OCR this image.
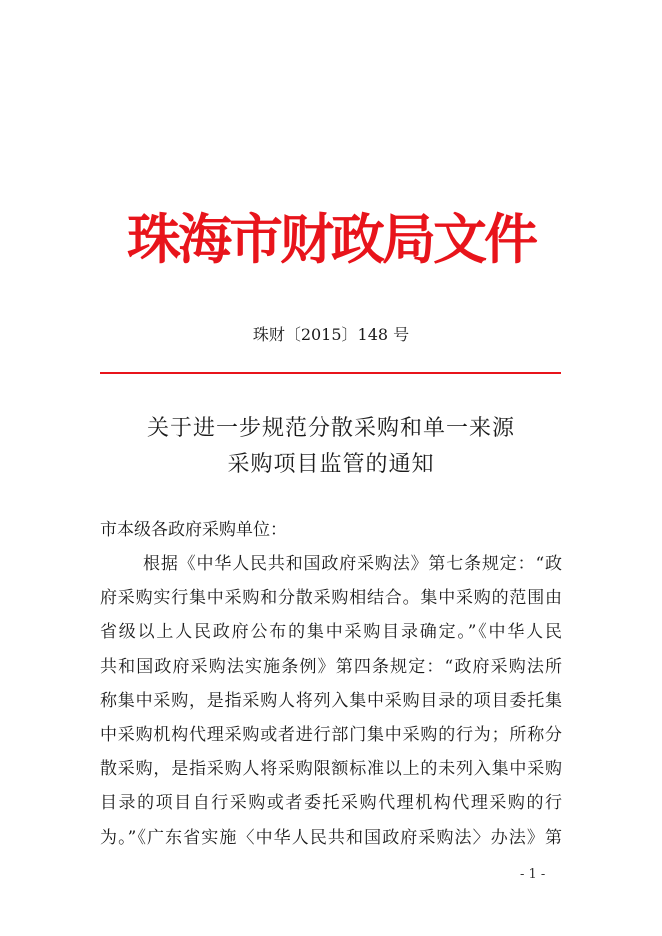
珠海市财政局文件
珠财〔2015〕148 号
关于进一步规范分散采购和单一来源
采购项目监管的通知
市本级各政府采购单位：
根据《中华人民共和国政府采购法》第七条规定：“政
府采购实行集中采购和分散采购相结合。集中采购的范围由
省级以上人民政府公布的集中采购目录确定。”《中华人民
共和国政府采购法实施条例》第四条规定：“政府采购法所
称集中采购，是指采购人将列入集中采购目录的项目委托集
中采购机构代理采购或者进行部门集中采购的行为；所称分
散采购，是指采购人将采购限额标准以上的未列入集中采购
目录的项目自行采购或者委托采购代理机构代理采购的行
为。”《广东省实施〈中华人民共和国政府采购法〉办法》第
- 1 -
